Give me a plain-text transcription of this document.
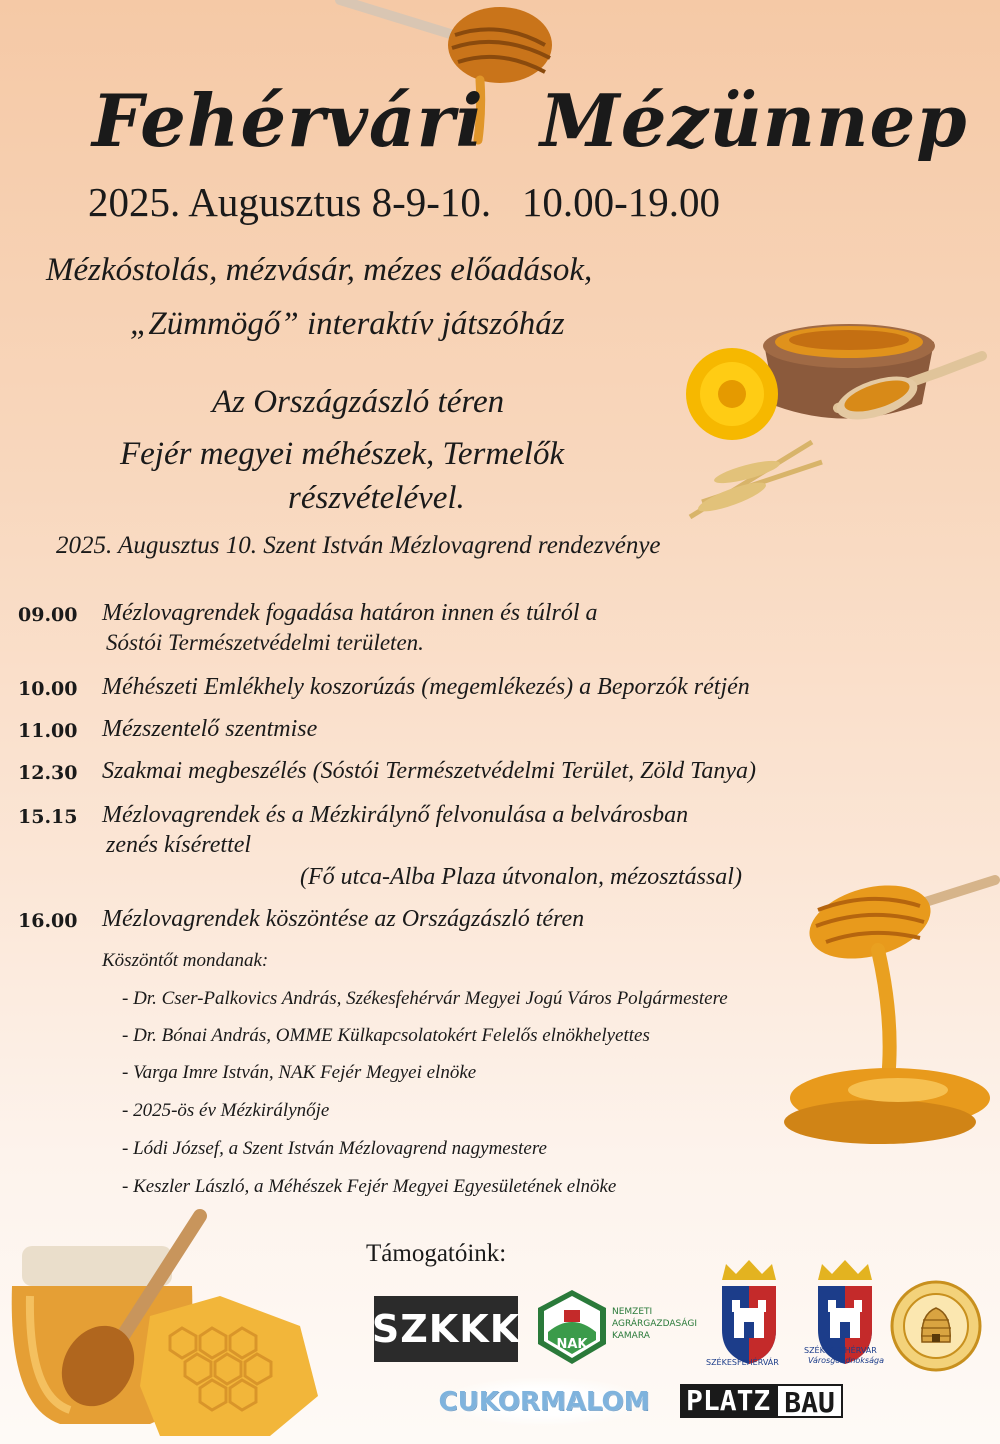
Fehérvári Mézünnep
2025. Augusztus 8-9-10.   10.00-19.00
Mézkóstolás, mézvásár, mézes előadások,
„Zümmögő” interaktív játszóház
Az Országzászló téren
Fejér megyei méhészek, Termelők
részvételével.
2025. Augusztus 10. Szent István Mézlovagrend rendezvénye
09.00 Mézlovagrendek fogadása határon innen és túlról a
Sóstói Természetvédelmi területen.
10.00 Méhészeti Emlékhely koszorúzás (megemlékezés) a Beporzók rétjén
11.00 Mézszentelő szentmise
12.30 Szakmai megbeszélés (Sóstói Természetvédelmi Terület, Zöld Tanya)
15.15 Mézlovagrendek és a Mézkirálynő felvonulása a belvárosban
zenés kísérettel
(Fő utca-Alba Plaza útvonalon, mézosztással)
16.00 Mézlovagrendek köszöntése az Országzászló téren
Köszöntőt mondanak:
- Dr. Cser-Palkovics András, Székesfehérvár Megyei Jogú Város Polgármestere
- Dr. Bónai András, OMME Külkapcsolatokért Felelős elnökhelyettes
- Varga Imre István, NAK Fejér Megyei elnöke
- 2025-ös év Mézkirálynője
- Lódi József, a Szent István Mézlovagrend nagymestere
- Keszler László, a Méhészek Fejér Megyei Egyesületének elnöke
Támogatóink:
SZKKK	NAK
NEMZETI
AGRÁRGAZDASÁGI
KAMARA
SZÉKESFEHÉRVÁR
SZÉKESFEHÉRVÁR
Városgondnoksága
CUKORMALOM PLATZ BAU
